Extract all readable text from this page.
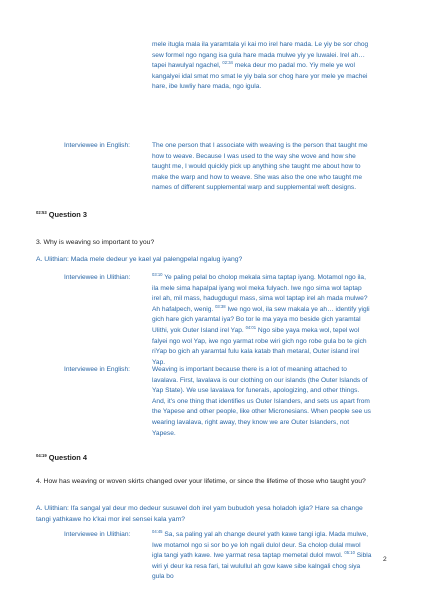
mele itugla mala ila yaramtala yi kai mo irel hare mada. Le yiy be sor chog sew formel ngo ngang isa gula hare mada mulwe yiy ye luwalei. Irel ah… tapei hawulyal ngachel, $^{02:34}$ meka deur mo padal mo. Yiy mele ye wol kangalyei idal smat mo smat le yiy bala sor chog hare yor mele ye machei hare, ibe luwliy hare mada, ngo igula.
Interviewee in English:	The one person that I associate with weaving is the person that taught me how to weave. Because I was used to the way she wove and how she taught me, I would quickly pick up anything she taught me about how to make the warp and how to weave. She was also the one who taught me names of different supplemental warp and supplemental weft designs.
$^{02:53}$ Question 3
3. Why is weaving so important to you?
A. Ulithian: Mada mele dedeur ye kael yal palengpelal ngalug iyang?
Interviewee in Ulithian:	$^{03:10}$ Ye paling pelal bo cholop mekala sima taptap iyang. Motamol ngo ila, ila mele sima hapalpal iyang wol meka fulyach. Iwe ngo sima wol taptap irel ah, mil mass, hadugdugul mass, sima wol taptap irel ah mada mulwe? Ah hafalpech, wenig. $^{03:38}$ Iwe ngo wol, ila sew makala ye ah… identify yigli gich hare gich yaramtal iya? Bo tor le ma yaya mo beside gich yaramtal Ulithi, yok Outer Island irel Yap. $^{04:01}$ Ngo sibe yaya meka wol, tepel wol falyei ngo wol Yap, iwe ngo yarmat robe wiri gich ngo robe gula bo te gich riYap bo gich ah yaramtal fulu kala katab thah metaral, Outer island irel Yap.
Interviewee in English:	Weaving is important because there is a lot of meaning attached to lavalava. First, lavalava is our clothing on our islands (the Outer Islands of Yap State). We use lavalava for funerals, apologizing, and other things. And, it's one thing that identifies us Outer Islanders, and sets us apart from the Yapese and other people, like other Micronesians. When people see us wearing lavalava, right away, they know we are Outer Islanders, not Yapese.
$^{04:19}$ Question 4
4. How has weaving or woven skirts changed over your lifetime, or since the lifetime of those who taught you?
A. Ulithian: Ifa sangal yal deur mo dedeur susuwel doh irel yam bubudoh yesa holadoh igla? Hare sa change tangi yathkawe ho k'kai mor irel sensei kala yam?
Interviewee in Ulithian:	$^{04:45}$ Sa, sa paling yal ah change deurel yath kawe tangi igla. Mada mulwe, Iwe motamol ngo si sor bo ye loh ngali dulol deur. Sa cholop dulal mwol igla tangi yath kawe. Iwe yarmat resa taptap memetal dulol mwol. $^{05:10}$ Sibla wiri yi deur ka resa fari, tai wulullul ah gow kawe sibe kalngali chog siya gula bo
2
